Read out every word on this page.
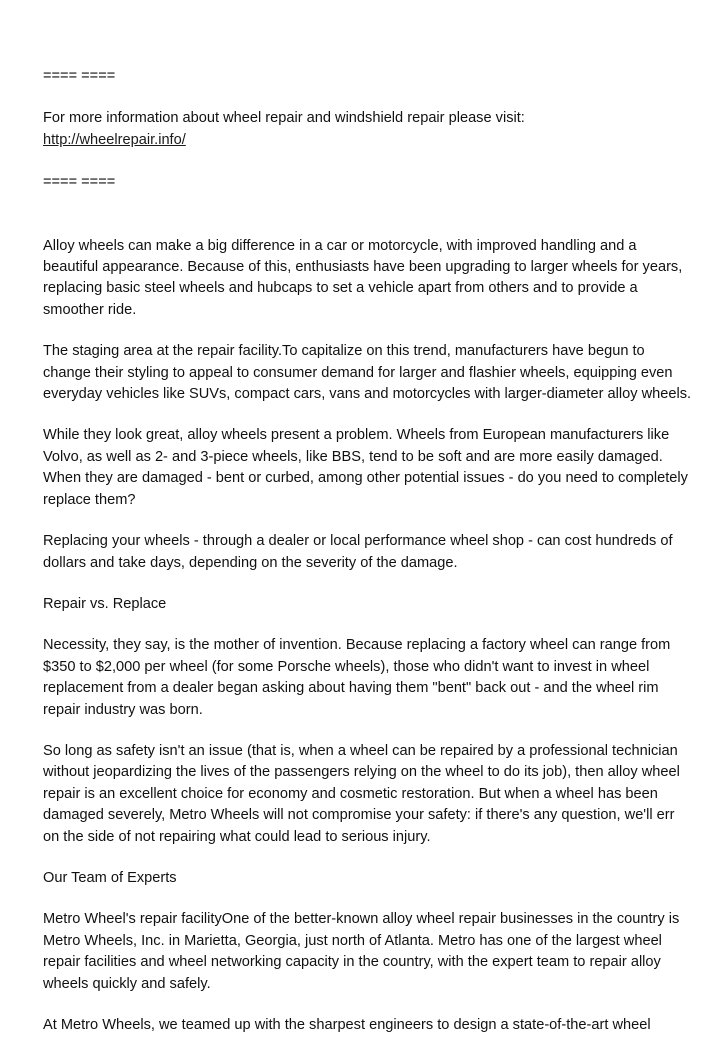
==== ====
For more information about wheel repair and windshield repair please visit:
http://wheelrepair.info/
==== ====

Alloy wheels can make a big difference in a car or motorcycle, with improved handling and a beautiful appearance. Because of this, enthusiasts have been upgrading to larger wheels for years, replacing basic steel wheels and hubcaps to set a vehicle apart from others and to provide a smoother ride.

The staging area at the repair facility.To capitalize on this trend, manufacturers have begun to change their styling to appeal to consumer demand for larger and flashier wheels, equipping even everyday vehicles like SUVs, compact cars, vans and motorcycles with larger-diameter alloy wheels.

While they look great, alloy wheels present a problem. Wheels from European manufacturers like Volvo, as well as 2- and 3-piece wheels, like BBS, tend to be soft and are more easily damaged. When they are damaged - bent or curbed, among other potential issues - do you need to completely replace them?

Replacing your wheels - through a dealer or local performance wheel shop - can cost hundreds of dollars and take days, depending on the severity of the damage.

Repair vs. Replace

Necessity, they say, is the mother of invention. Because replacing a factory wheel can range from $350 to $2,000 per wheel (for some Porsche wheels), those who didn't want to invest in wheel replacement from a dealer began asking about having them "bent" back out - and the wheel rim repair industry was born.

So long as safety isn't an issue (that is, when a wheel can be repaired by a professional technician without jeopardizing the lives of the passengers relying on the wheel to do its job), then alloy wheel repair is an excellent choice for economy and cosmetic restoration. But when a wheel has been damaged severely, Metro Wheels will not compromise your safety: if there's any question, we'll err on the side of not repairing what could lead to serious injury.

Our Team of Experts

Metro Wheel's repair facilityOne of the better-known alloy wheel repair businesses in the country is Metro Wheels, Inc. in Marietta, Georgia, just north of Atlanta. Metro has one of the largest wheel repair facilities and wheel networking capacity in the country, with the expert team to repair alloy wheels quickly and safely.

At Metro Wheels, we teamed up with the sharpest engineers to design a state-of-the-art wheel
